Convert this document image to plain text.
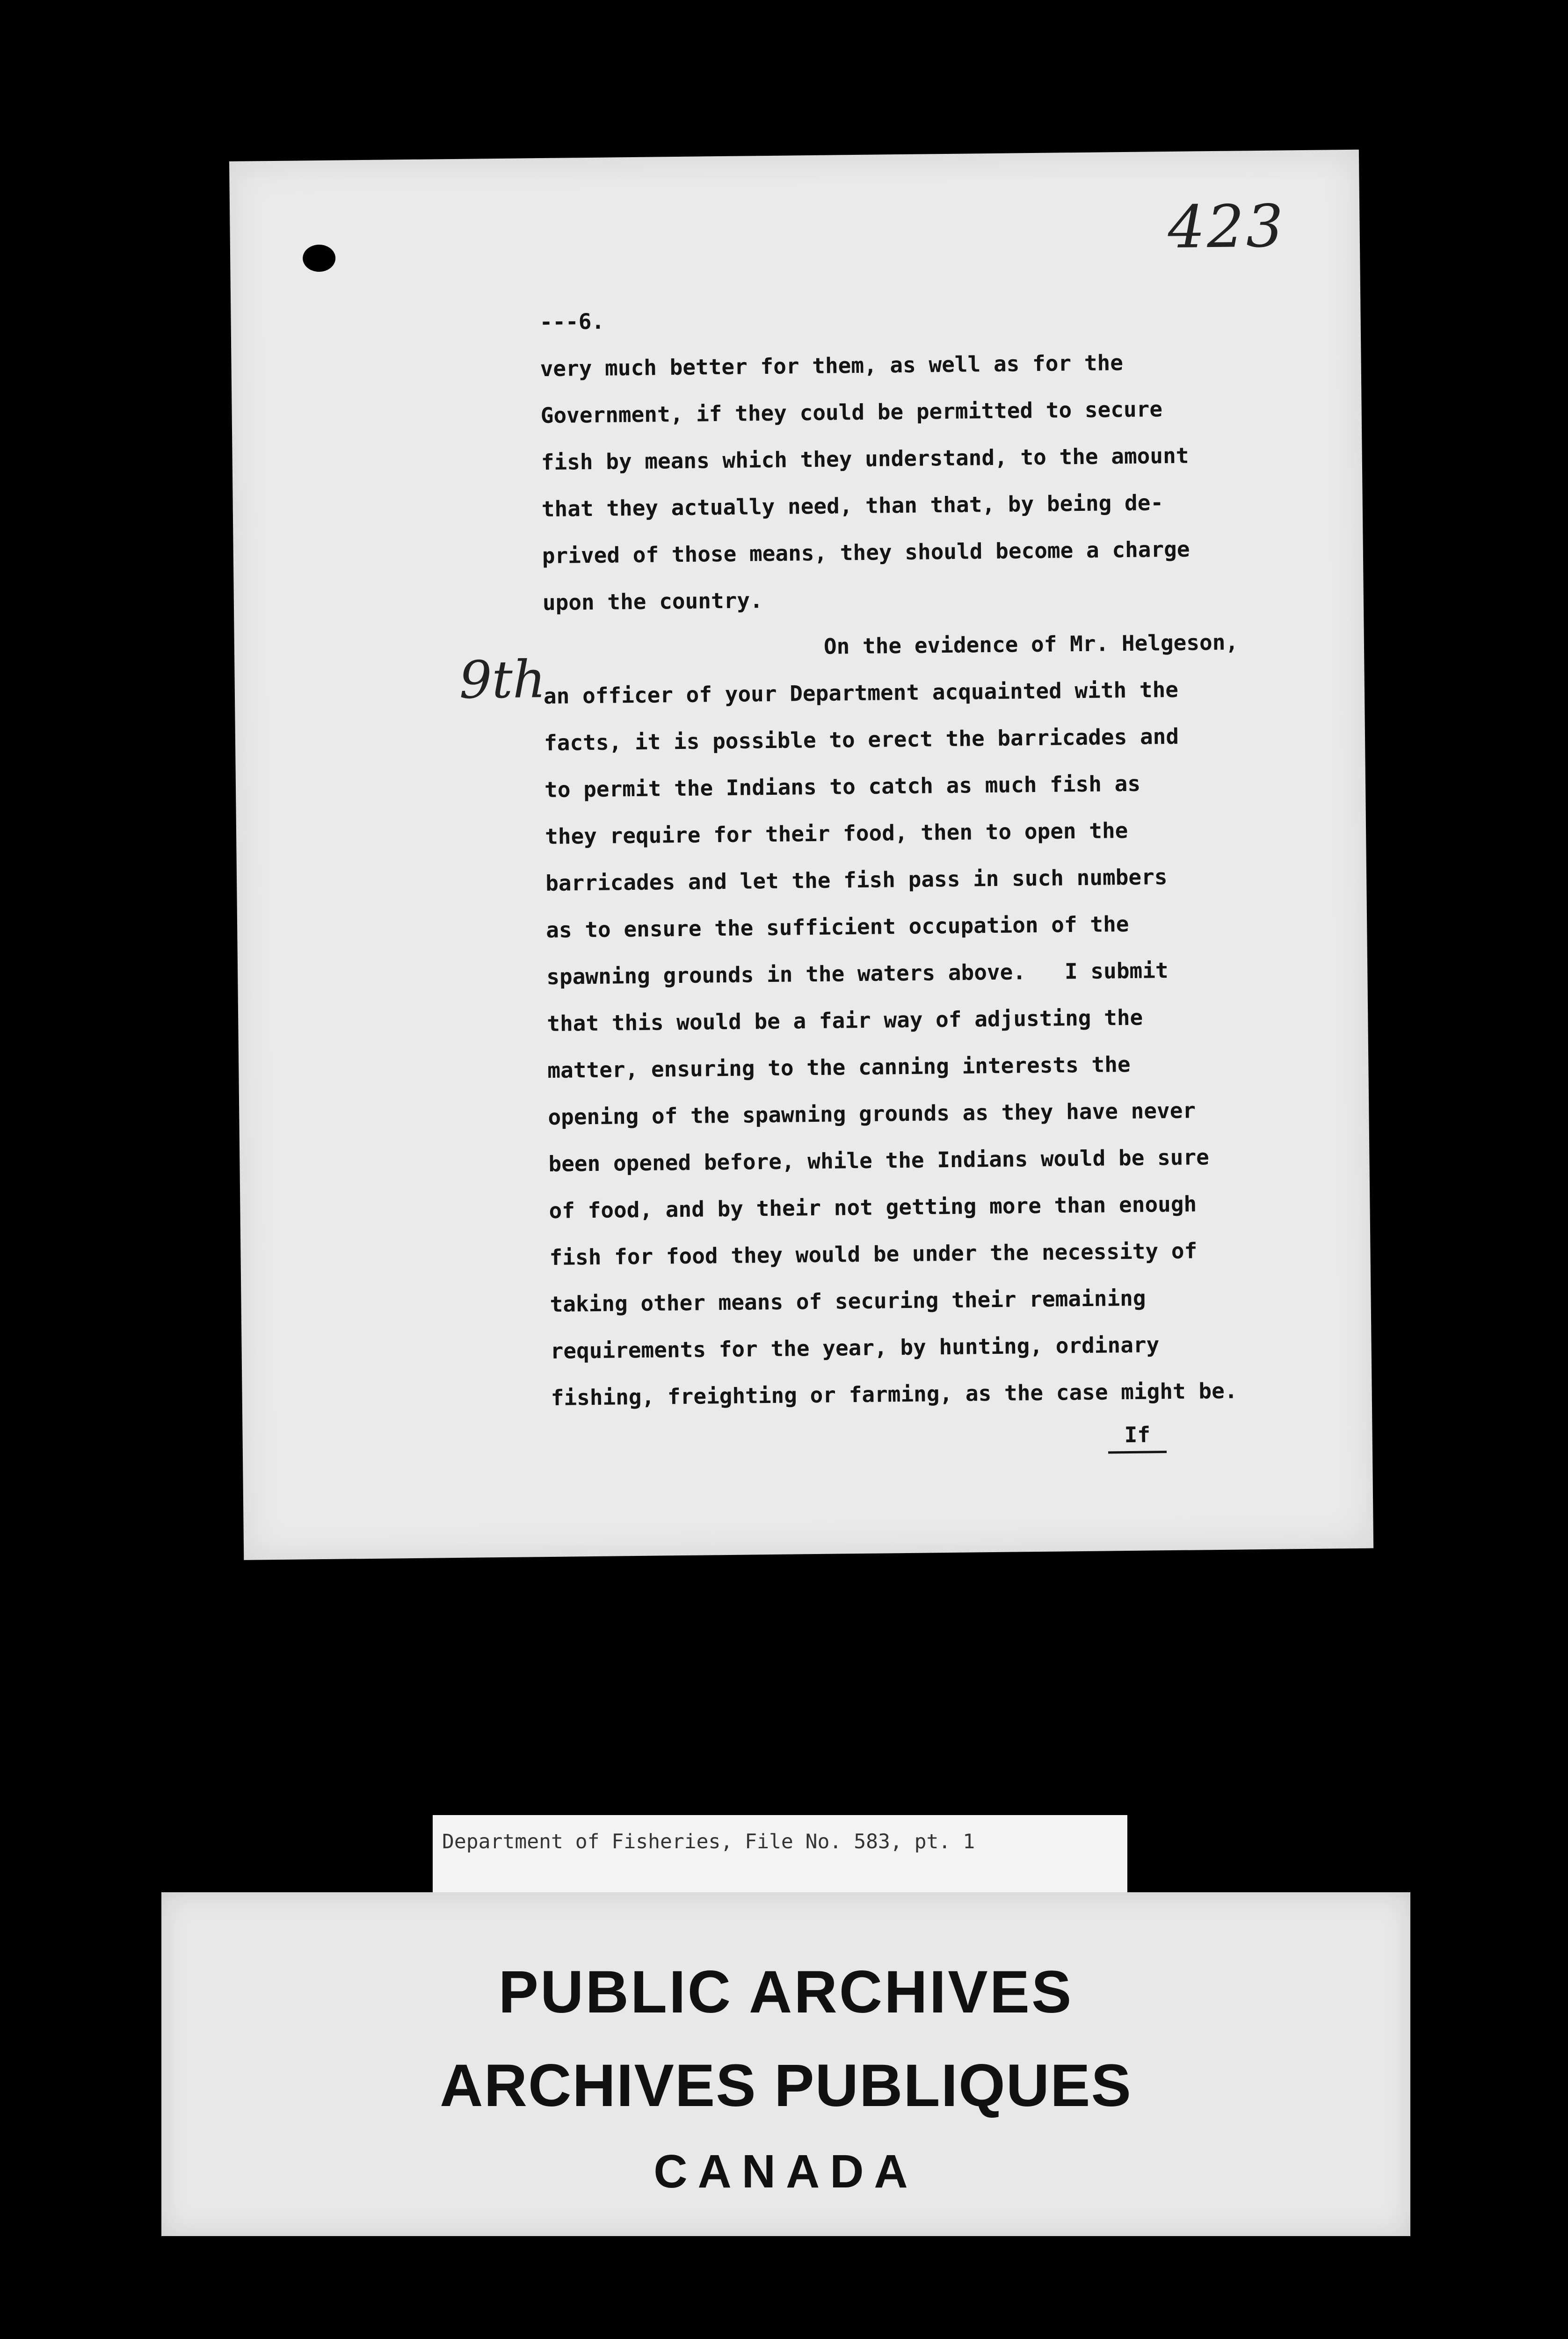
423
9th
---6.
very much better for them, as well as for the
Government, if they could be permitted to secure
fish by means which they understand, to the amount
that they actually need, than that, by being de-
prived of those means, they should become a charge
upon the country.
On the evidence of Mr. Helgeson,
an officer of your Department acquainted with the
facts, it is possible to erect the barricades and
to permit the Indians to catch as much fish as
they require for their food, then to open the
barricades and let the fish pass in such numbers
as to ensure the sufficient occupation of the
spawning grounds in the waters above.   I submit
that this would be a fair way of adjusting the
matter, ensuring to the canning interests the
opening of the spawning grounds as they have never
been opened before, while the Indians would be sure
of food, and by their not getting more than enough
fish for food they would be under the necessity of
taking other means of securing their remaining
requirements for the year, by hunting, ordinary
fishing, freighting or farming, as the case might be.
If
Department of Fisheries, File No. 583, pt. 1
PUBLIC ARCHIVES
ARCHIVES PUBLIQUES
CANADA
